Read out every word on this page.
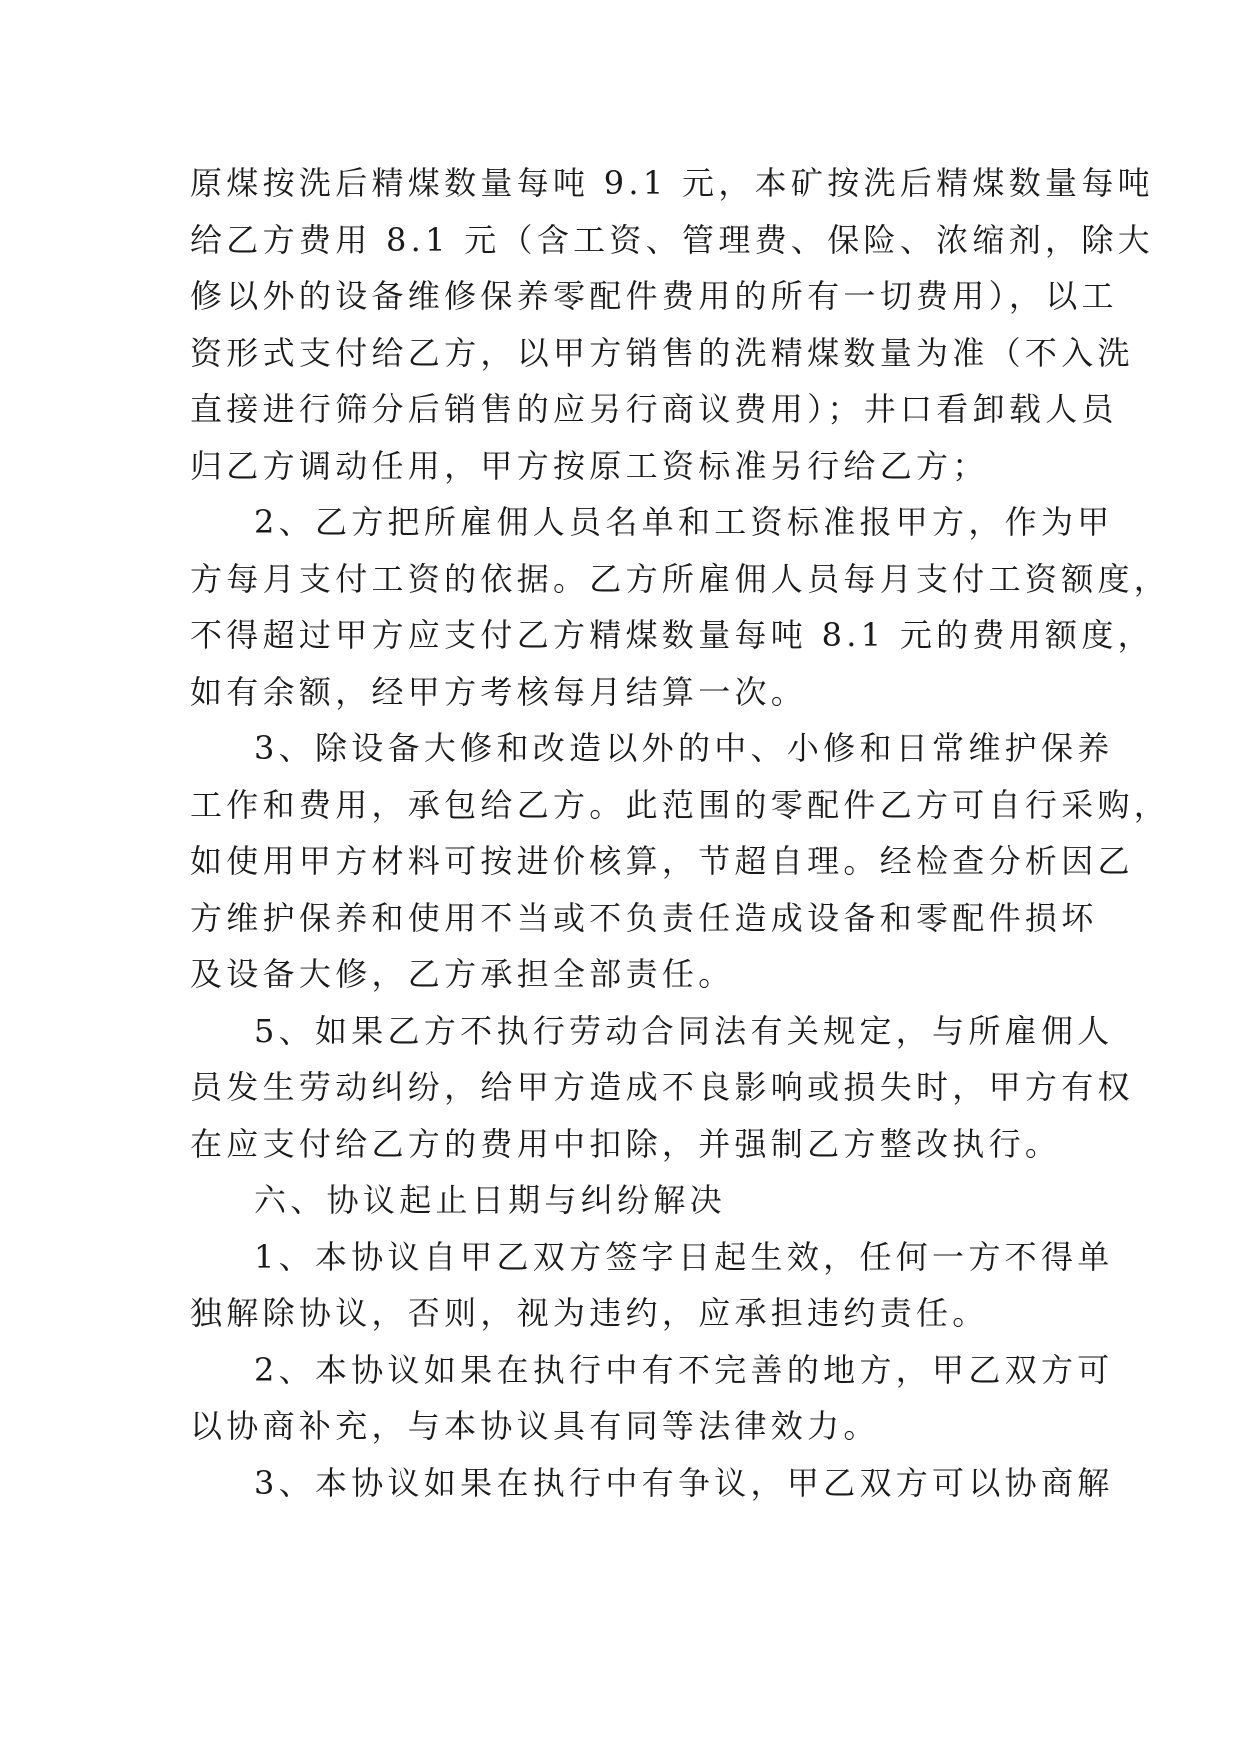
原煤按洗后精煤数量每吨 9.1 元，本矿按洗后精煤数量每吨
给乙方费用 8.1 元（含工资、管理费、保险、浓缩剂，除大
修以外的设备维修保养零配件费用的所有一切费用），以工
资形式支付给乙方，以甲方销售的洗精煤数量为准（不入洗
直接进行筛分后销售的应另行商议费用）；井口看卸载人员
归乙方调动任用，甲方按原工资标准另行给乙方；
2、乙方把所雇佣人员名单和工资标准报甲方，作为甲
方每月支付工资的依据。乙方所雇佣人员每月支付工资额度，
不得超过甲方应支付乙方精煤数量每吨 8.1 元的费用额度，
如有余额，经甲方考核每月结算一次。
3、除设备大修和改造以外的中、小修和日常维护保养
工作和费用，承包给乙方。此范围的零配件乙方可自行采购，
如使用甲方材料可按进价核算，节超自理。经检查分析因乙
方维护保养和使用不当或不负责任造成设备和零配件损坏
及设备大修，乙方承担全部责任。
5、如果乙方不执行劳动合同法有关规定，与所雇佣人
员发生劳动纠纷，给甲方造成不良影响或损失时，甲方有权
在应支付给乙方的费用中扣除，并强制乙方整改执行。
六、协议起止日期与纠纷解决
1、本协议自甲乙双方签字日起生效，任何一方不得单
独解除协议，否则，视为违约，应承担违约责任。
2、本协议如果在执行中有不完善的地方，甲乙双方可
以协商补充，与本协议具有同等法律效力。
3、本协议如果在执行中有争议，甲乙双方可以协商解
